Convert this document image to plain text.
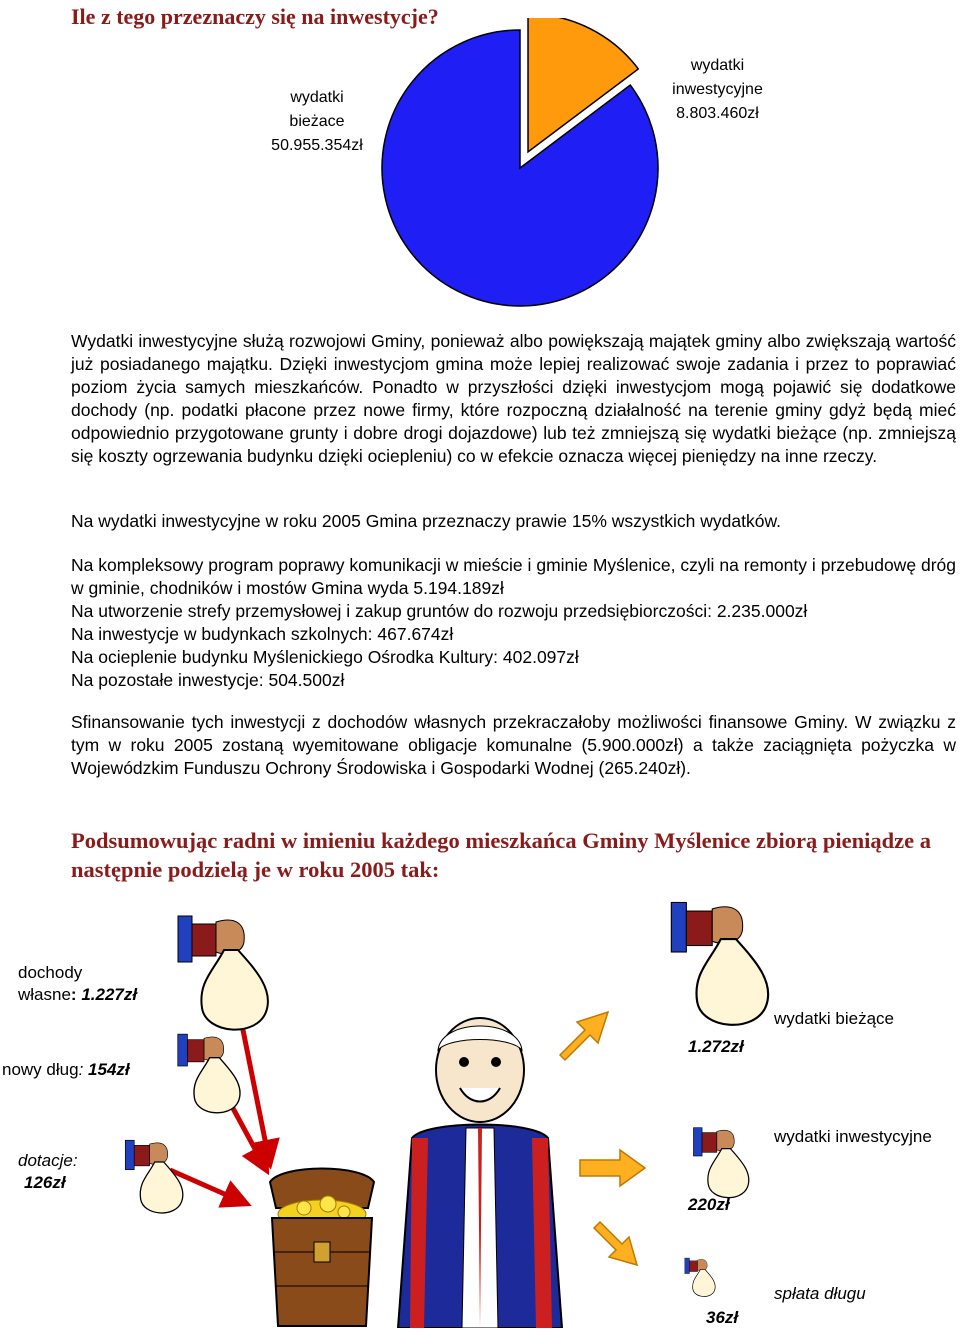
Ile z tego przeznaczy się na inwestycje?
wydatki
bieżace
50.955.354zł
wydatki
inwestycyjne
8.803.460zł

Wydatki inwestycyjne służą rozwojowi Gminy, ponieważ albo powiększają majątek gminy albo zwiększają wartość już posiadanego majątku. Dzięki inwestycjom gmina może lepiej realizować swoje zadania i przez to poprawiać poziom życia samych mieszkańców. Ponadto w przyszłości dzięki inwestycjom mogą pojawić się dodatkowe dochody (np. podatki płacone przez nowe firmy, które rozpoczną działalność na terenie gminy gdyż będą mieć odpowiednio przygotowane grunty i dobre drogi dojazdowe) lub też zmniejszą się wydatki bieżące (np. zmniejszą się koszty ogrzewania budynku dzięki ociepleniu) co w efekcie oznacza więcej pieniędzy na inne rzeczy.

Na wydatki inwestycyjne w roku 2005 Gmina przeznaczy prawie 15% wszystkich wydatków.

Na kompleksowy program poprawy komunikacji w mieście i gminie Myślenice, czyli na remonty i przebudowę dróg w gminie, chodników i mostów Gmina wyda 5.194.189zł

Na utworzenie strefy przemysłowej i zakup gruntów do rozwoju przedsiębiorczości: 2.235.000zł
Na inwestycje w budynkach szkolnych: 467.674zł
Na ocieplenie budynku Myślenickiego Ośrodka Kultury: 402.097zł
Na pozostałe inwestycje: 504.500zł

Sfinansowanie tych inwestycji z dochodów własnych przekraczałoby możliwości finansowe Gminy. W związku z tym w roku 2005 zostaną wyemitowane obligacje komunalne (5.900.000zł) a także zaciągnięta pożyczka w Wojewódzkim Funduszu Ochrony Środowiska i Gospodarki Wodnej (265.240zł).

Podsumowując radni w imieniu każdego mieszkańca Gminy Myślenice zbiorą pieniądze a następnie podzielą je w roku 2005 tak:
dochody
własne: 1.227zł
nowy dług: 154zł
dotacje:
126zł
wydatki bieżące
1.272zł
wydatki inwestycyjne
220zł
spłata długu
36zł
